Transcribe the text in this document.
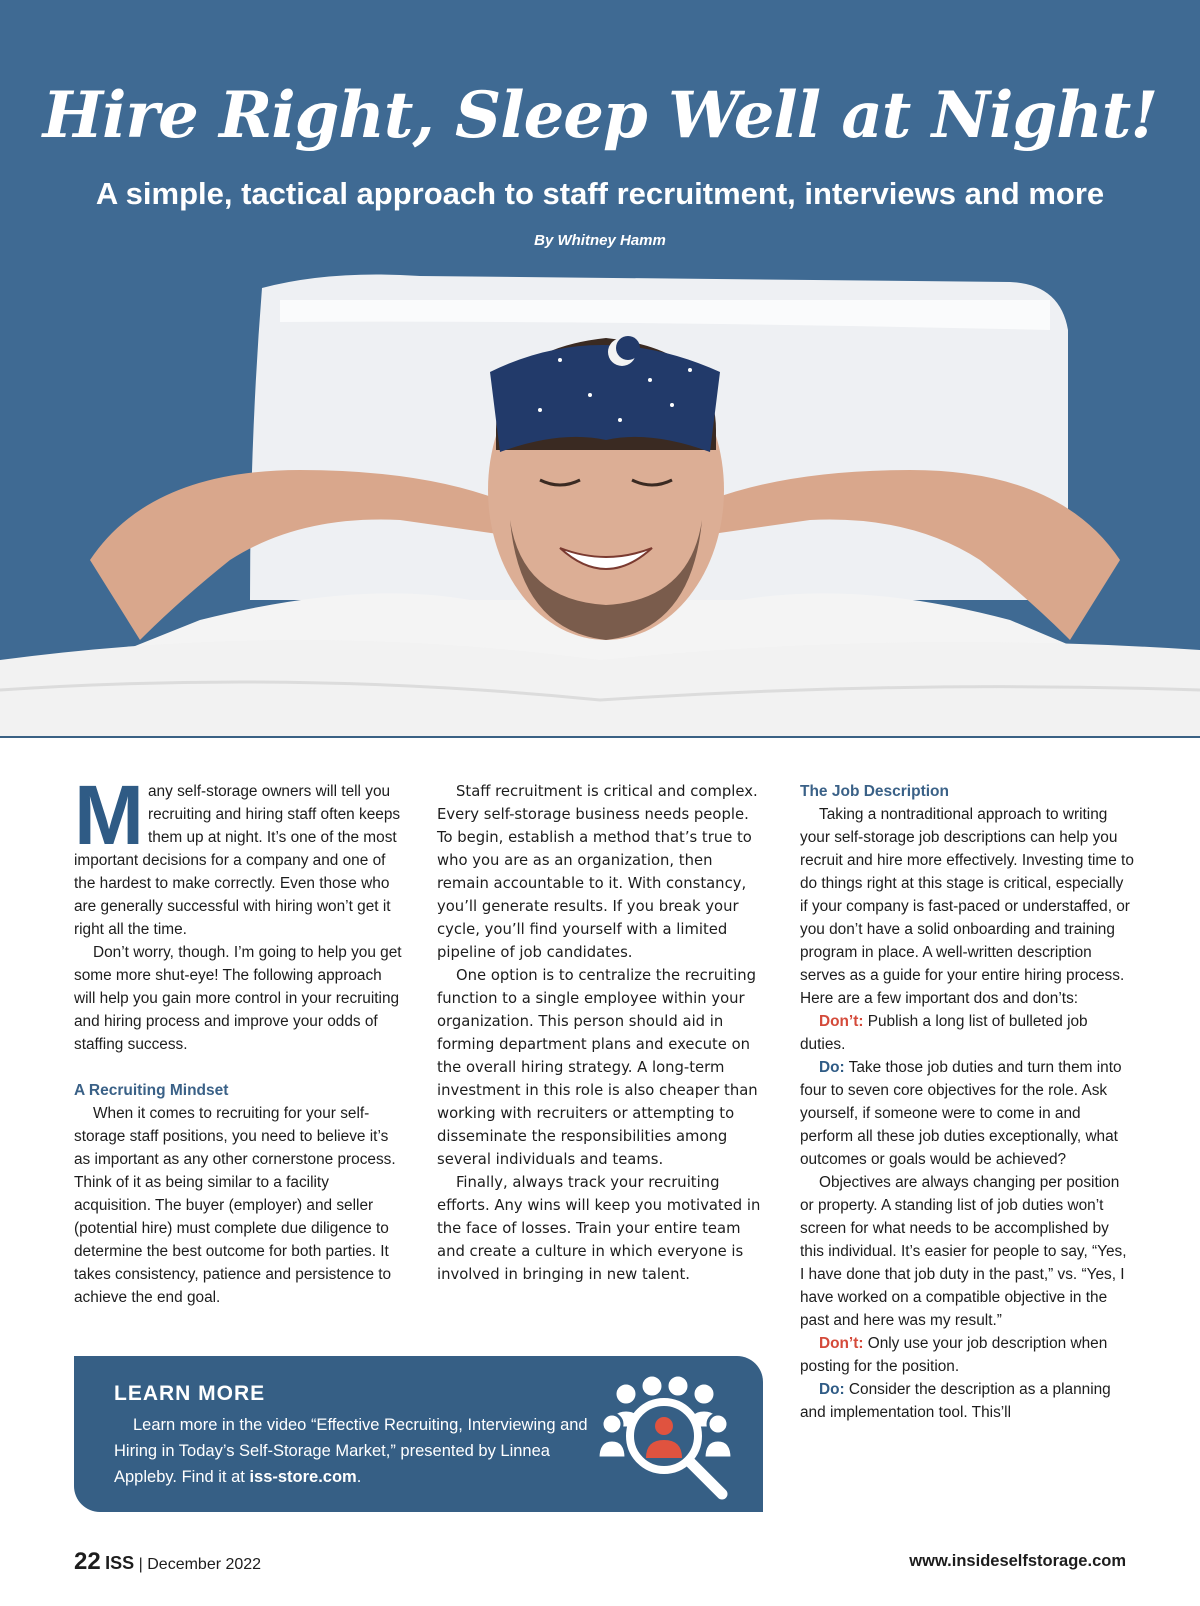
Hire Right, Sleep Well at Night!
A simple, tactical approach to staff recruitment, interviews and more
By Whitney Hamm

Many self-storage owners will tell you recruiting and hiring staff often keeps them up at night. It’s one of the most important decisions for a company and one of the hardest to make correctly. Even those who are generally successful with hiring won’t get it right all the time.

Don’t worry, though. I’m going to help you get some more shut-eye! The following approach will help you gain more control in your recruiting and hiring process and improve your odds of staffing success.

A Recruiting Mindset

When it comes to recruiting for your self-storage staff positions, you need to believe it’s as important as any other cornerstone process. Think of it as being similar to a facility acquisition. The buyer (employer) and seller (potential hire) must complete due diligence to determine the best outcome for both parties. It takes consistency, patience and persistence to achieve the end goal.

Staff recruitment is critical and complex. Every self-storage business needs people. To begin, establish a method that’s true to who you are as an organization, then remain accountable to it. With constancy, you’ll generate results. If you break your cycle, you’ll find yourself with a limited pipeline of job candidates.

One option is to centralize the recruiting function to a single employee within your organization. This person should aid in forming department plans and execute on the overall hiring strategy. A long-term investment in this role is also cheaper than working with recruiters or attempting to disseminate the responsibilities among several individuals and teams.

Finally, always track your recruiting efforts. Any wins will keep you motivated in the face of losses. Train your entire team and create a culture in which everyone is involved in bringing in new talent.

The Job Description

Taking a nontraditional approach to writing your self-storage job descriptions can help you recruit and hire more effectively. Investing time to do things right at this stage is critical, especially if your company is fast-paced or understaffed, or you don’t have a solid onboarding and training program in place. A well-written description serves as a guide for your entire hiring process. Here are a few important dos and don’ts:

Don’t: Publish a long list of bulleted job duties.

Do: Take those job duties and turn them into four to seven core objectives for the role. Ask yourself, if someone were to come in and perform all these job duties exceptionally, what outcomes or goals would be achieved?

Objectives are always changing per position or property. A standing list of job duties won’t screen for what needs to be accomplished by this individual. It’s easier for people to say, “Yes, I have done that job duty in the past,” vs. “Yes, I have worked on a compatible objective in the past and here was my result.”

Don’t: Only use your job description when posting for the position.

Do: Consider the description as a planning and implementation tool. This’ll

LEARN MORE
Learn more in the video “Effective Recruiting, Interviewing and Hiring in Today’s Self-Storage Market,” presented by Linnea Appleby. Find it at iss-store.com.
22 ISS | December 2022	www.insideselfstorage.com
